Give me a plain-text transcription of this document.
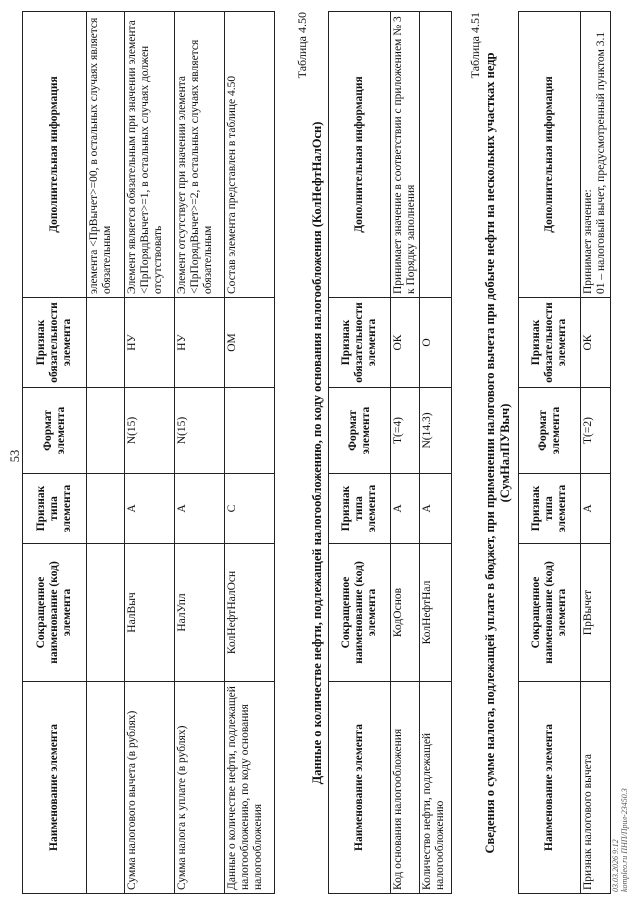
53
Наименование элемента	Сокращенное наименование (код) элемента	Признак типа элемента	Формат элемента	Признак обязательности элемента	Дополнительная информация
					элемента <ПрВычет>=00, в остальных случаях является обязательным
Сумма налогового вычета (в рублях)	НалВыч	А	N(15)	НУ	Элемент является обязательным при значении элемента <ПрПорядВычет>=1, в остальных случаях должен отсутствовать
Сумма налога к уплате (в рублях)	НалУпл	А	N(15)	НУ	Элемент отсутствует при значении элемента <ПрПорядВычет>=2, в остальных случаях является обязательным
Данные о количестве нефти, подлежащей налогообложению, по коду основания налогообложения	КолНефтНалОсн	С		ОМ	Состав элемента представлен в таблице 4.50
Таблица 4.50
Данные о количестве нефти, подлежащей налогообложению, по коду основания налогообложения (КолНефтНалОсн)
Наименование элемента	Сокращенное наименование (код) элемента	Признак типа элемента	Формат элемента	Признак обязательности элемента	Дополнительная информация
Код основания налогообложения	КодОснов	А	Т(=4)	ОК	Принимает значение в соответствии с приложением № 3 к Порядку заполнения
Количество нефти, подлежащей налогообложению	КолНефтНал	А	N(14.3)	О	
Таблица 4.51
Сведения о сумме налога, подлежащей уплате в бюджет, при применении налогового вычета при добыче нефти на нескольких участках недр (СумНалПУВыч)
Наименование элемента	Сокращенное наименование (код) элемента	Признак типа элемента	Формат элемента	Признак обязательности элемента	Дополнительная информация
Признак налогового вычета	ПрВычет	А	Т(=2)	ОК	Принимает значение:
01 – налоговый вычет, предусмотренный пунктом 3.1
03.03.2026 9:12 kompleo.ru ПНП/Прил-23450.3
